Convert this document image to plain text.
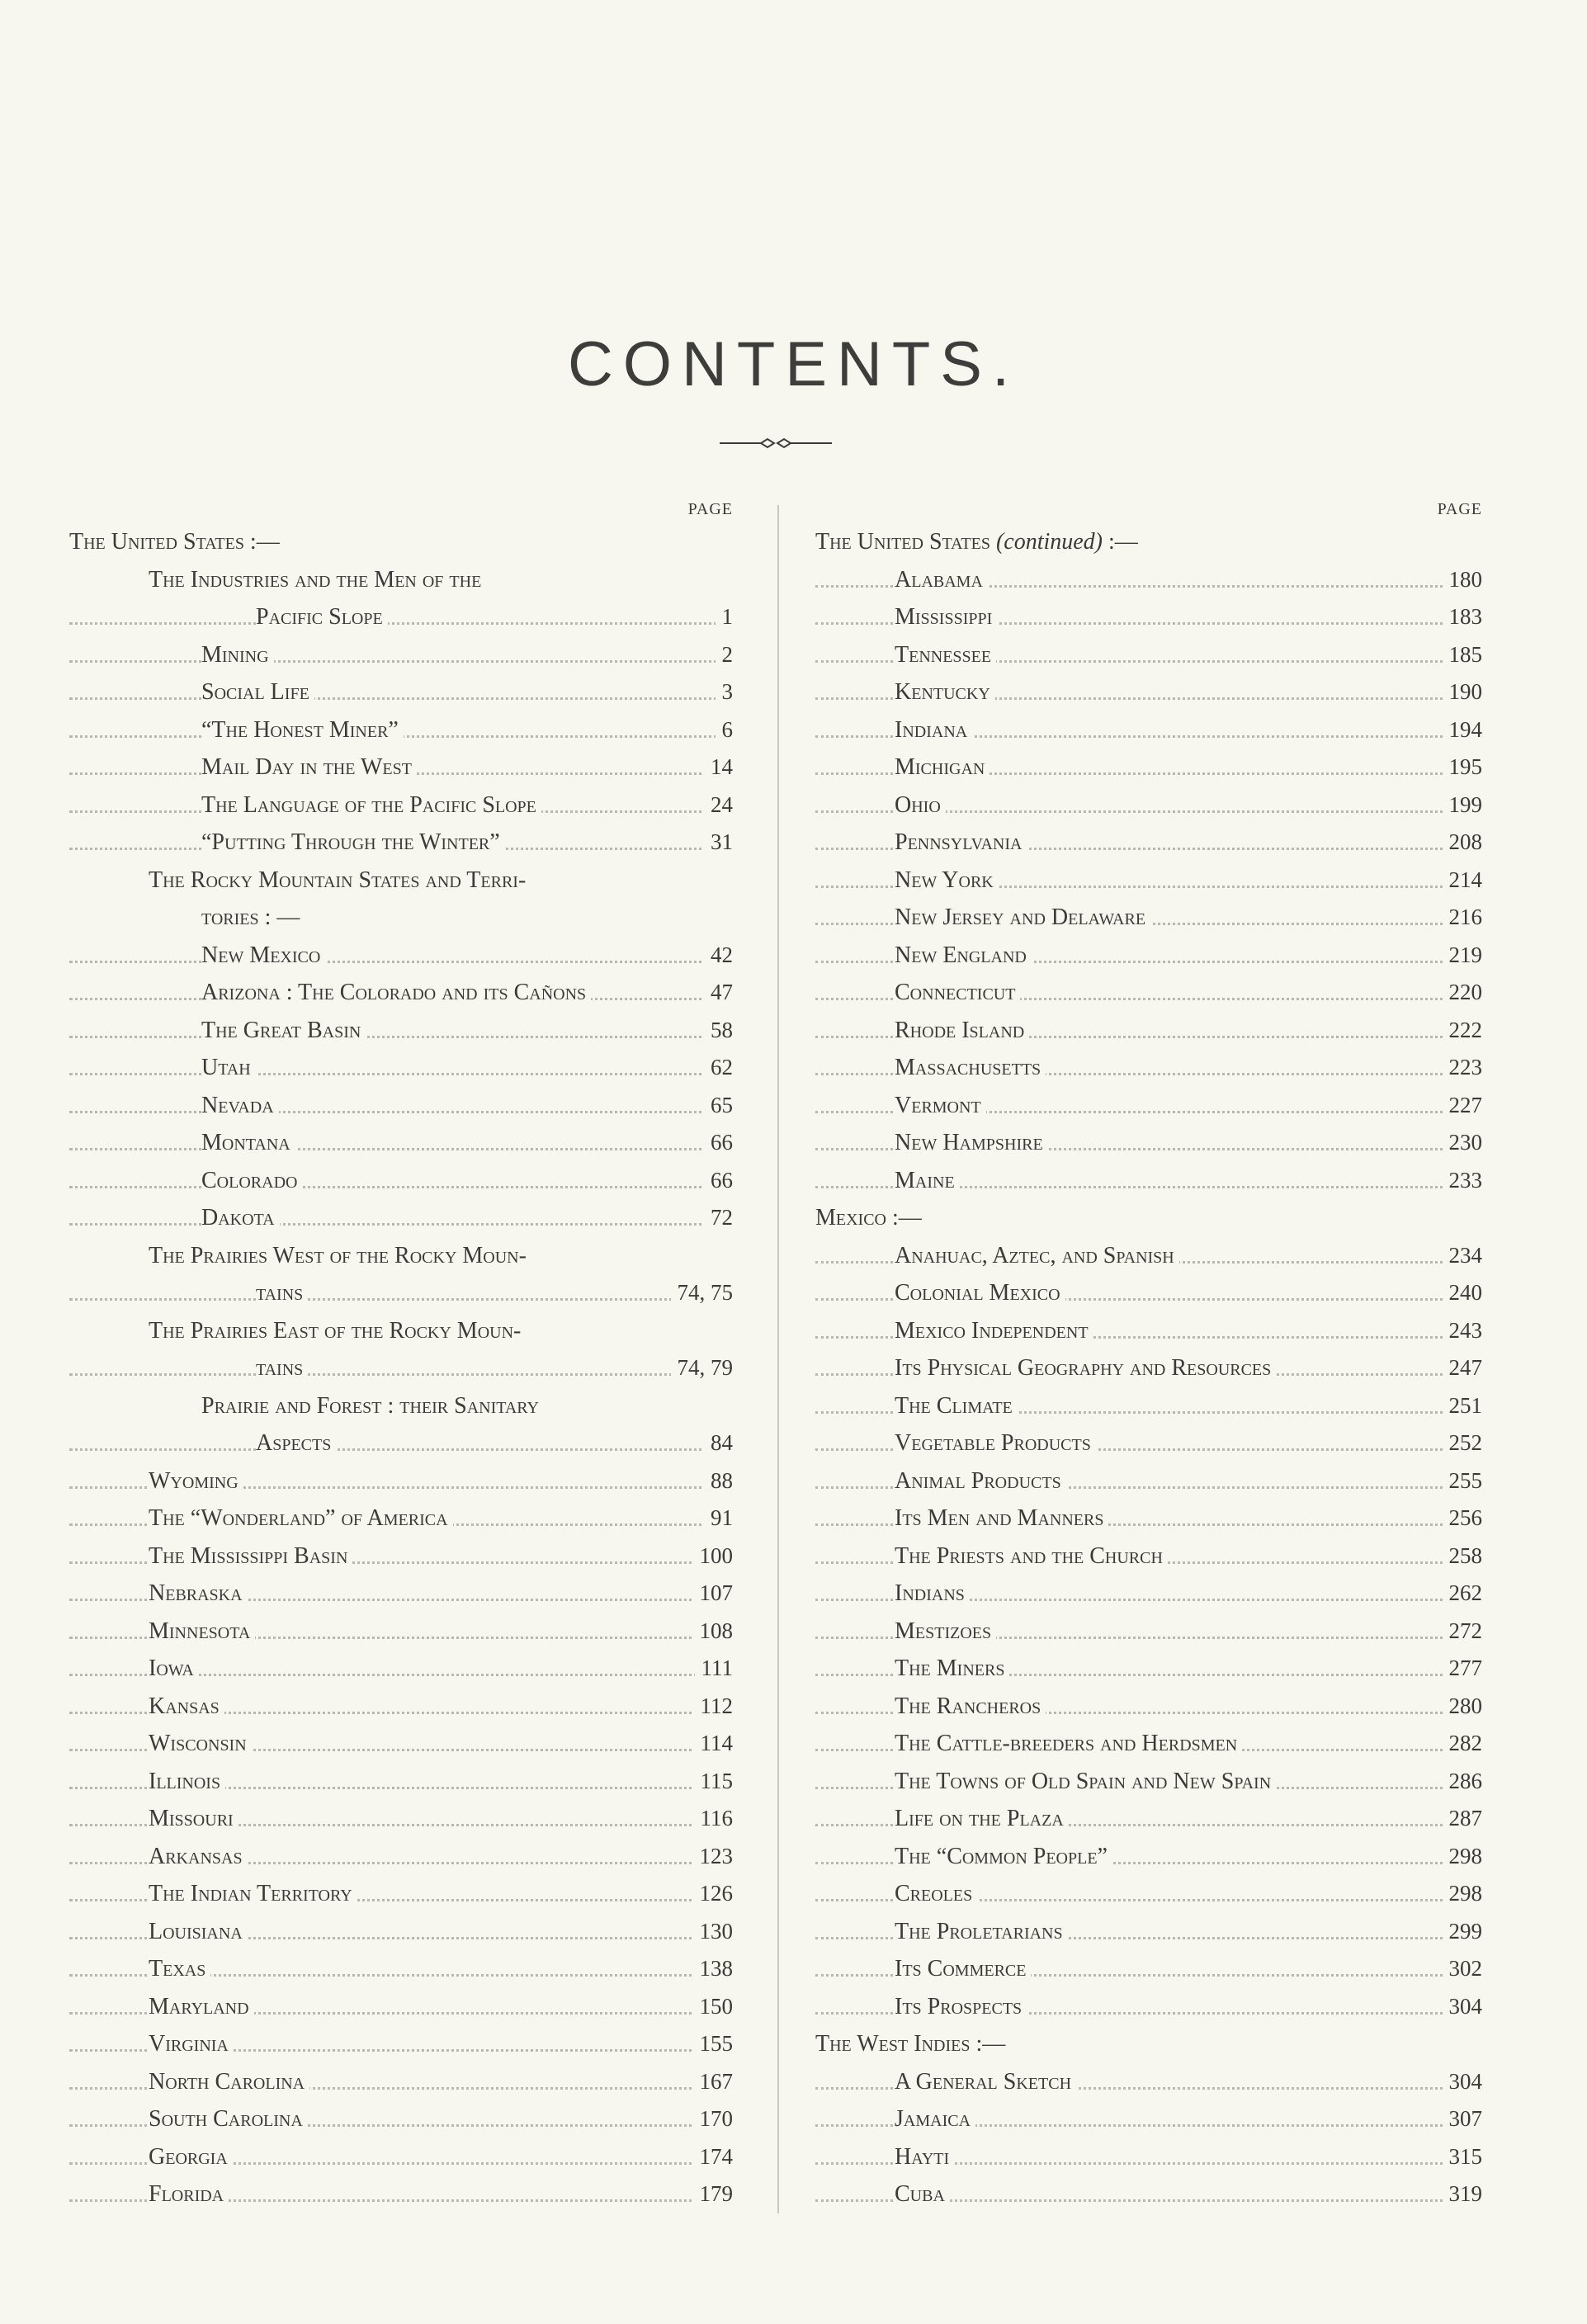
CONTENTS.
PAGE
The United States :—
The Industries and the Men of the
Pacific Slope	1
Mining	2
Social Life	3
“The Honest Miner”	6
Mail Day in the West	14
The Language of the Pacific Slope	24
“Putting Through the Winter”	31
The Rocky Mountain States and Terri-
tories : —
New Mexico	42
Arizona : The Colorado and its Cañons	47
The Great Basin	58
Utah	62
Nevada	65
Montana	66
Colorado	66
Dakota	72
The Prairies West of the Rocky Moun-
tains	74, 75
The Prairies East of the Rocky Moun-
tains	74, 79
Prairie and Forest : their Sanitary
Aspects	84
Wyoming	88
The “Wonderland” of America	91
The Mississippi Basin	100
Nebraska	107
Minnesota	108
Iowa	111
Kansas	112
Wisconsin	114
Illinois	115
Missouri	116
Arkansas	123
The Indian Territory	126
Louisiana	130
Texas	138
Maryland	150
Virginia	155
North Carolina	167
South Carolina	170
Georgia	174
Florida	179
PAGE
The United States (continued) :—
Alabama	180
Mississippi	183
Tennessee	185
Kentucky	190
Indiana	194
Michigan	195
Ohio	199
Pennsylvania	208
New York	214
New Jersey and Delaware	216
New England	219
Connecticut	220
Rhode Island	222
Massachusetts	223
Vermont	227
New Hampshire	230
Maine	233
Mexico :—
Anahuac, Aztec, and Spanish	234
Colonial Mexico	240
Mexico Independent	243
Its Physical Geography and Resources	247
The Climate	251
Vegetable Products	252
Animal Products	255
Its Men and Manners	256
The Priests and the Church	258
Indians	262
Mestizoes	272
The Miners	277
The Rancheros	280
The Cattle-breeders and Herdsmen	282
The Towns of Old Spain and New Spain	286
Life on the Plaza	287
The “Common People”	298
Creoles	298
The Proletarians	299
Its Commerce	302
Its Prospects	304
The West Indies :—
A General Sketch	304
Jamaica	307
Hayti	315
Cuba	319
